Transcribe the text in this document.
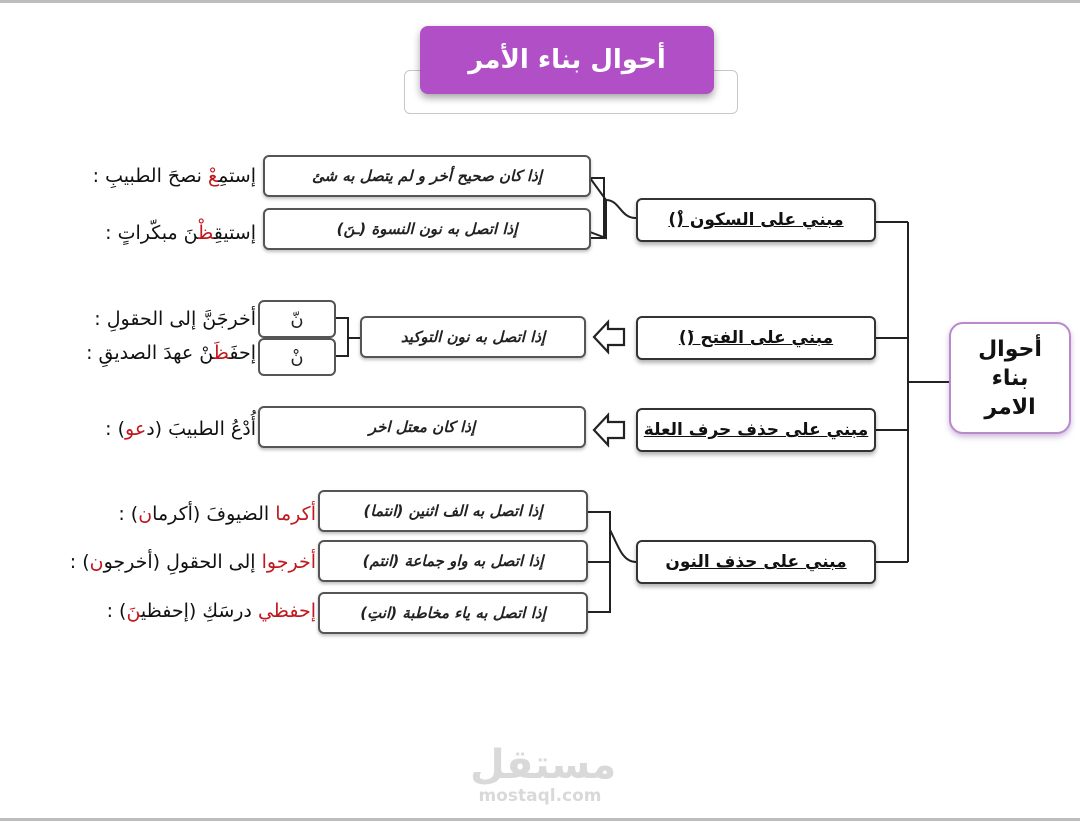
أحوال بناء الأمر
أحوال
بناء
الامر
مبني على السكون (ْ)
مبني على الفتح (َ)
مبني على حذف حرف العلة
مبني على حذف النون
إذا كان صحيح أخر و لم يتصل به شئ
إذا اتصل به نون النسوة (ـنَ)
إذا اتصل به نون التوكيد
إذا كان معتل اخر
إذا اتصل به الف اثنين (انتما)
إذا اتصل به واو جماعة (انتم)
إذا اتصل به ياء مخاطبة (انتِ)
نّ
نْ
إستمِعْ نصحَ الطبيبِ :
إستيقِظْنَ مبكّراتٍ :
أخرجَنَّ إلى الحقولِ :
إحفَظَنْ عهدَ الصديقِ :
أُدْعُ الطبيبَ (دعو) :
أكرما الضيوفَ (أكرمان) :
أخرجوا إلى الحقولِ (أخرجون) :
إحفظي درسَكِ (إحفظينَ) :
مستقل
mostaql.com
